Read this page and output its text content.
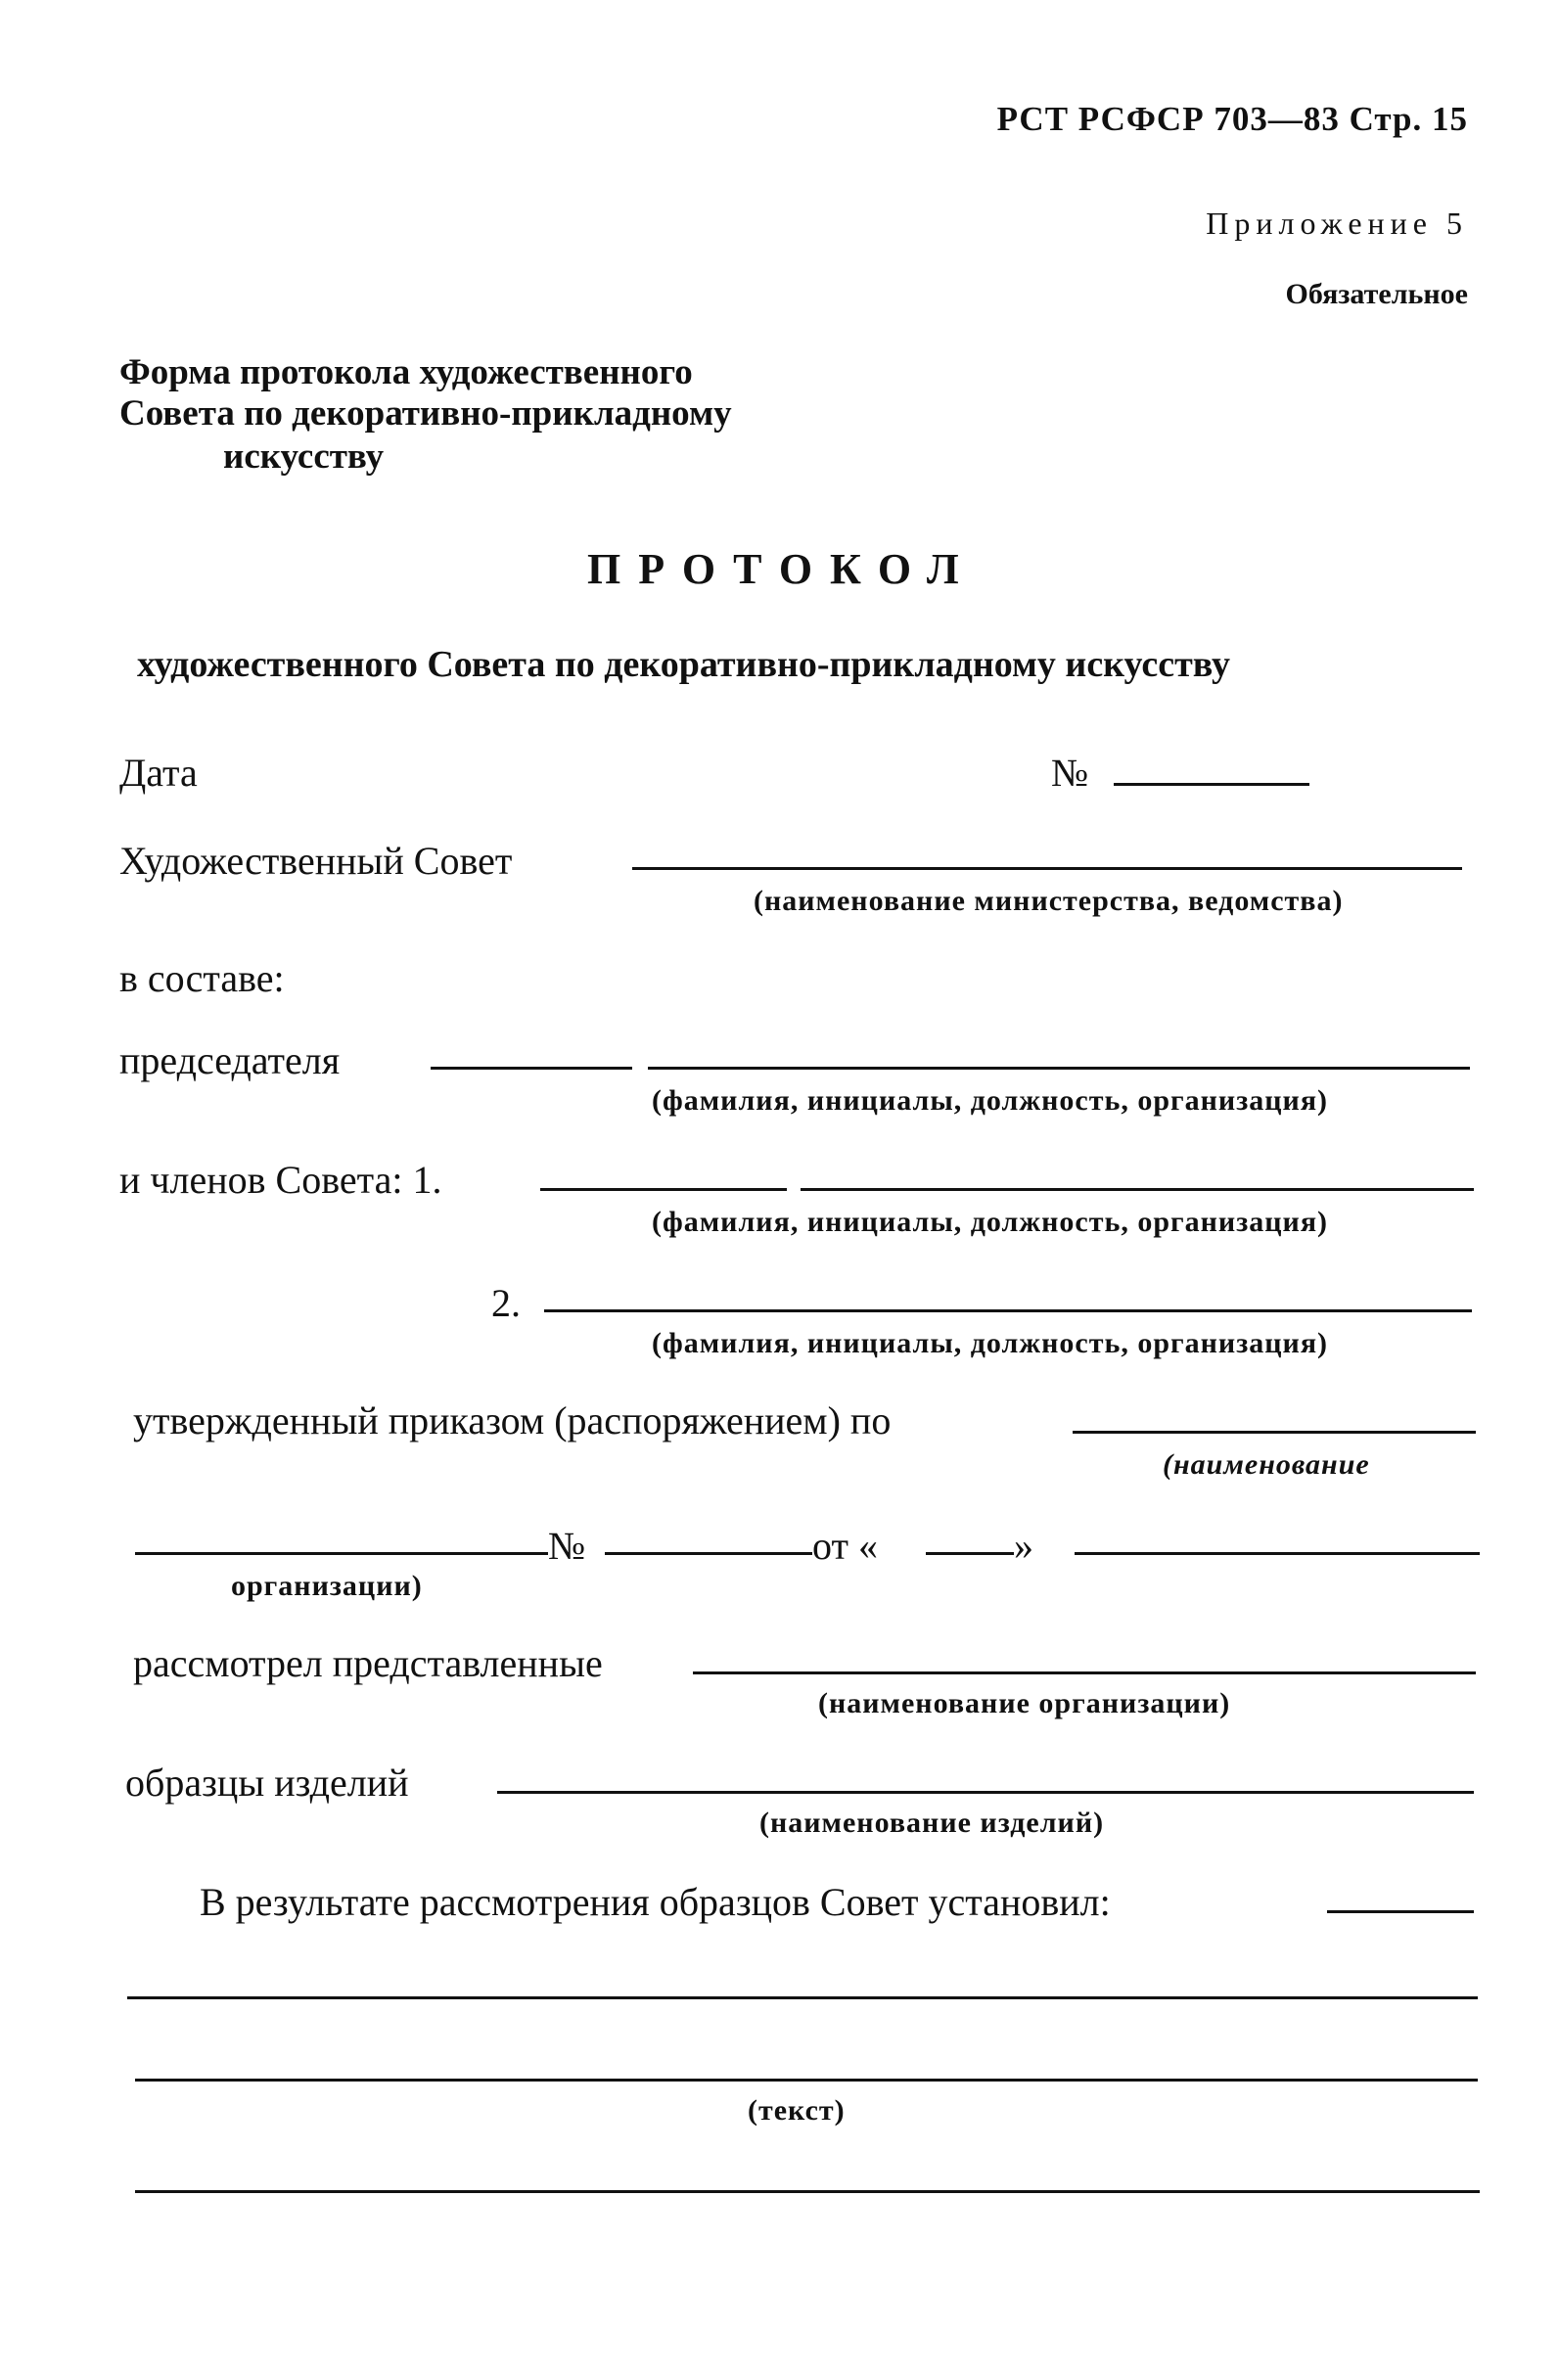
РСТ РСФСР 703—83 Стр. 15
Приложение 5
Обязательное
Форма протокола художественного
Совета по декоративно-прикладному
искусству
ПРОТОКОЛ
художественного Совета по декоративно-прикладному искусству
Дата	№
Художественный Совет
(наименование министерства, ведомства)
в составе:
председателя
(фамилия, инициалы, должность, организация)
и членов Совета: 1.
(фамилия, инициалы, должность, организация)
2.
(фамилия, инициалы, должность, организация)
утвержденный приказом (распоряжением) по
(наименование
№	от «	»
организации)
рассмотрел представленные
(наименование организации)
образцы изделий
(наименование изделий)
В результате рассмотрения образцов Совет установил:
(текст)
